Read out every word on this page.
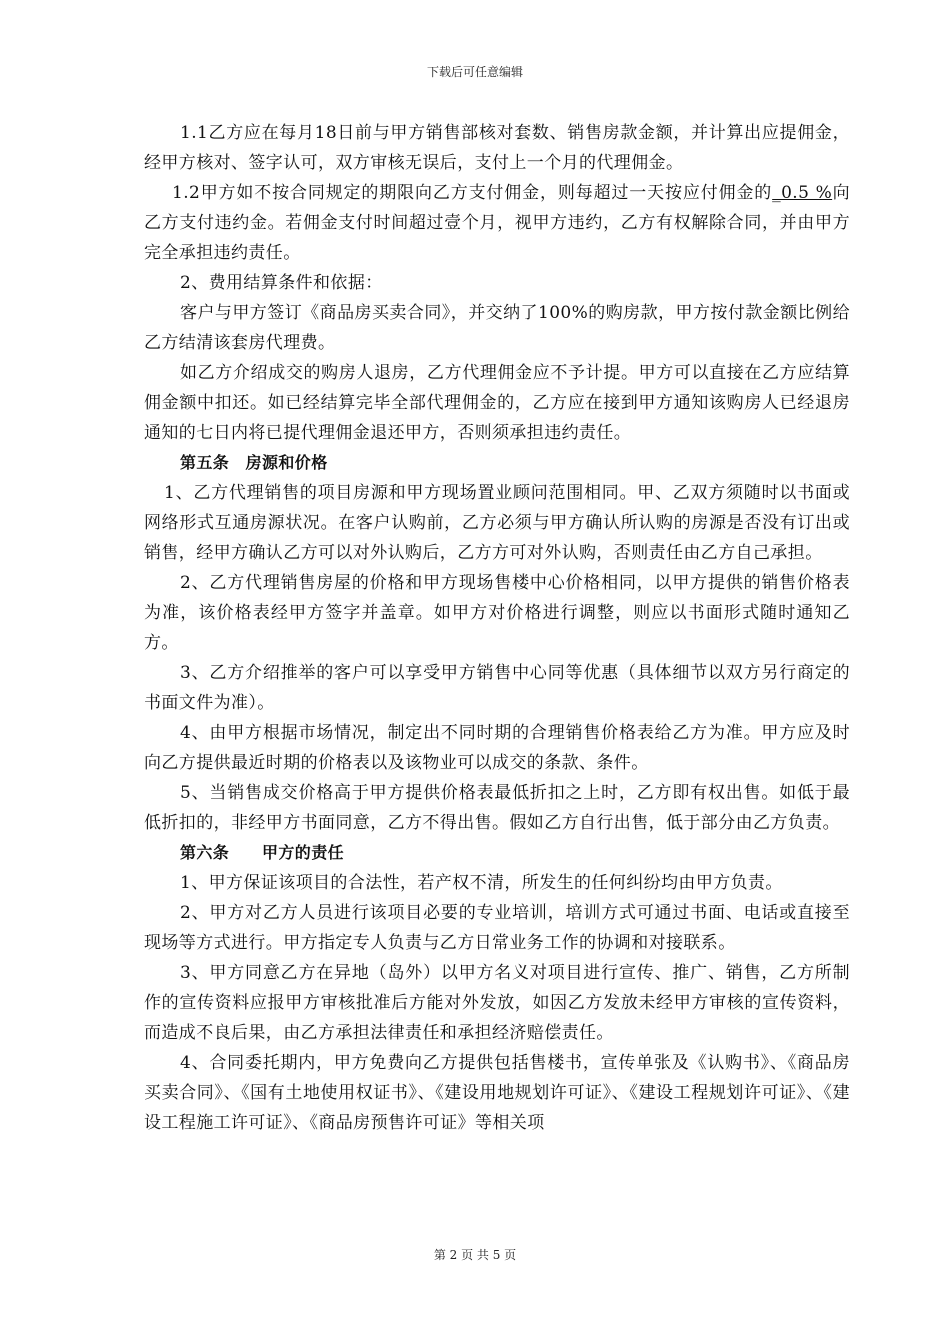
下载后可任意编辑

1.1乙方应在每月18日前与甲方销售部核对套数、销售房款金额，并计算出应提佣金，经甲方核对、签字认可，双方审核无误后，支付上一个月的代理佣金。

1.2甲方如不按合同规定的期限向乙方支付佣金，则每超过一天按应付佣金的_0.5 %向乙方支付违约金。若佣金支付时间超过壹个月，视甲方违约，乙方有权解除合同，并由甲方完全承担违约责任。

2、费用结算条件和依据：

客户与甲方签订《商品房买卖合同》，并交纳了100%的购房款，甲方按付款金额比例给乙方结清该套房代理费。

如乙方介绍成交的购房人退房，乙方代理佣金应不予计提。甲方可以直接在乙方应结算佣金额中扣还。如已经结算完毕全部代理佣金的，乙方应在接到甲方通知该购房人已经退房通知的七日内将已提代理佣金退还甲方，否则须承担违约责任。

第五条　房源和价格

1、乙方代理销售的项目房源和甲方现场置业顾问范围相同。甲、乙双方须随时以书面或网络形式互通房源状况。在客户认购前，乙方必须与甲方确认所认购的房源是否没有订出或销售，经甲方确认乙方可以对外认购后，乙方方可对外认购，否则责任由乙方自己承担。

2、乙方代理销售房屋的价格和甲方现场售楼中心价格相同，以甲方提供的销售价格表为准，该价格表经甲方签字并盖章。如甲方对价格进行调整，则应以书面形式随时通知乙方。

3、乙方介绍推举的客户可以享受甲方销售中心同等优惠（具体细节以双方另行商定的书面文件为准）。

4、由甲方根据市场情况，制定出不同时期的合理销售价格表给乙方为准。甲方应及时向乙方提供最近时期的价格表以及该物业可以成交的条款、条件。

5、当销售成交价格高于甲方提供价格表最低折扣之上时，乙方即有权出售。如低于最低折扣的，非经甲方书面同意，乙方不得出售。假如乙方自行出售，低于部分由乙方负责。

第六条　　甲方的责任

1、甲方保证该项目的合法性，若产权不清，所发生的任何纠纷均由甲方负责。

2、甲方对乙方人员进行该项目必要的专业培训，培训方式可通过书面、电话或直接至现场等方式进行。甲方指定专人负责与乙方日常业务工作的协调和对接联系。

3、甲方同意乙方在异地（岛外）以甲方名义对项目进行宣传、推广、销售，乙方所制作的宣传资料应报甲方审核批准后方能对外发放，如因乙方发放未经甲方审核的宣传资料，而造成不良后果，由乙方承担法律责任和承担经济赔偿责任。

4、合同委托期内，甲方免费向乙方提供包括售楼书，宣传单张及《认购书》、《商品房买卖合同》、《国有土地使用权证书》、《建设用地规划许可证》、《建设工程规划许可证》、《建设工程施工许可证》、《商品房预售许可证》等相关项

第 2 页 共 5 页
